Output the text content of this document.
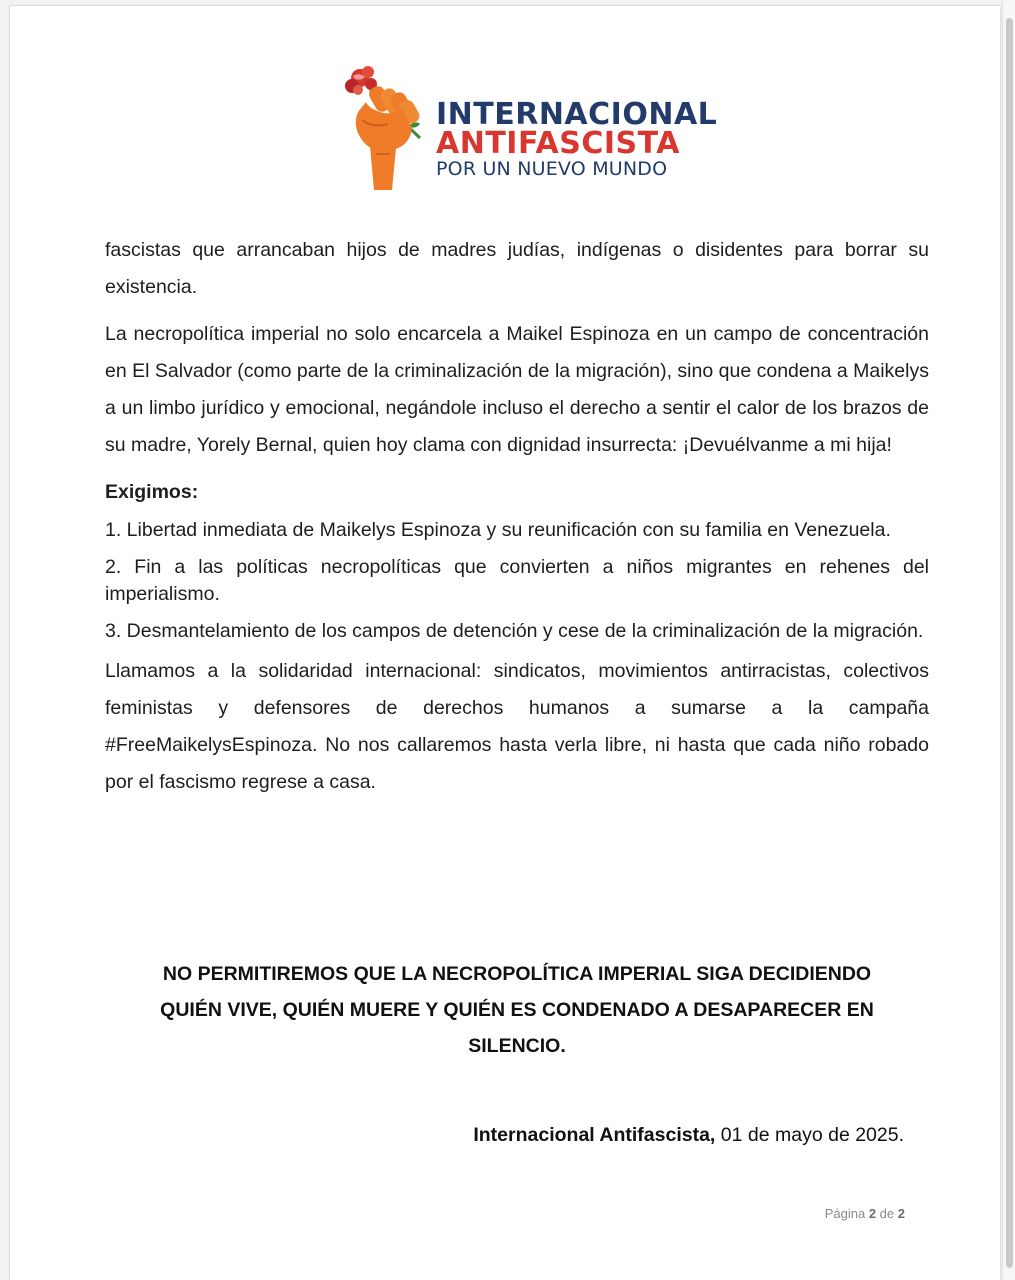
INTERNACIONAL
ANTIFASCISTA
POR UN NUEVO MUNDO

fascistas que arrancaban hijos de madres judías, indígenas o disidentes para borrar su existencia.

La necropolítica imperial no solo encarcela a Maikel Espinoza en un campo de concentración en El Salvador (como parte de la criminalización de la migración), sino que condena a Maikelys a un limbo jurídico y emocional, negándole incluso el derecho a sentir el calor de los brazos de su madre, Yorely Bernal, quien hoy clama con dignidad insurrecta: ¡Devuélvanme a mi hija!

Exigimos:

1. Libertad inmediata de Maikelys Espinoza y su reunificación con su familia en Venezuela.

2. Fin a las políticas necropolíticas que convierten a niños migrantes en rehenes del imperialismo.

3. Desmantelamiento de los campos de detención y cese de la criminalización de la migración.

Llamamos a la solidaridad internacional: sindicatos, movimientos antirracistas, colectivos feministas y defensores de derechos humanos a sumarse a la campaña #FreeMaikelysEspinoza. No nos callaremos hasta verla libre, ni hasta que cada niño robado por el fascismo regrese a casa.

NO PERMITIREMOS QUE LA NECROPOLÍTICA IMPERIAL SIGA DECIDIENDO
QUIÉN VIVE, QUIÉN MUERE Y QUIÉN ES CONDENADO A DESAPARECER EN
SILENCIO.
Internacional Antifascista, 01 de mayo de 2025.
Página 2 de 2
